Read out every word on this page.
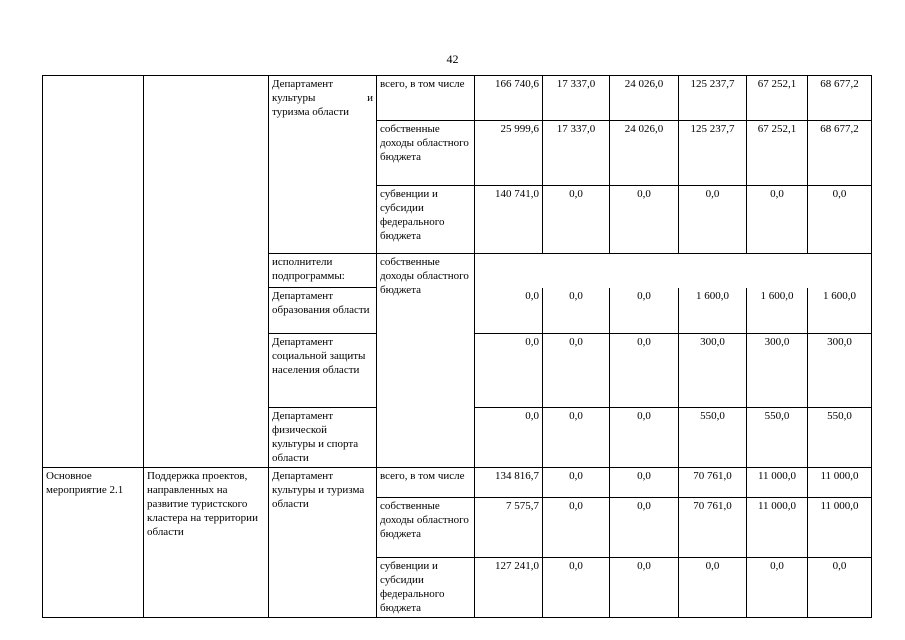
42

		Департамент
культуры и
туризма области	всего, в том числе	166 740,6	17 337,0	24 026,0	125 237,7	67 252,1	68 677,2
			собственные доходы областного бюджета	25 999,6	17 337,0	24 026,0	125 237,7	67 252,1	68 677,2
			субвенции и субсидии федерального бюджета	140 741,0	0,0	0,0	0,0	0,0	0,0
		исполнители подпрограммы:	собственные доходы областного бюджета						
		Департамент образования области		0,0	0,0	0,0	1 600,0	1 600,0	1 600,0
		Департамент социальной защиты населения области		0,0	0,0	0,0	300,0	300,0	300,0
		Департамент физической культуры и спорта области		0,0	0,0	0,0	550,0	550,0	550,0
Основное мероприятие 2.1	Поддержка проектов, направленных на развитие туристского кластера на территории области	Департамент культуры и туризма области	всего, в том числе	134 816,7	0,0	0,0	70 761,0	11 000,0	11 000,0
			собственные доходы областного бюджета	7 575,7	0,0	0,0	70 761,0	11 000,0	11 000,0
			субвенции и субсидии федерального бюджета	127 241,0	0,0	0,0	0,0	0,0	0,0
